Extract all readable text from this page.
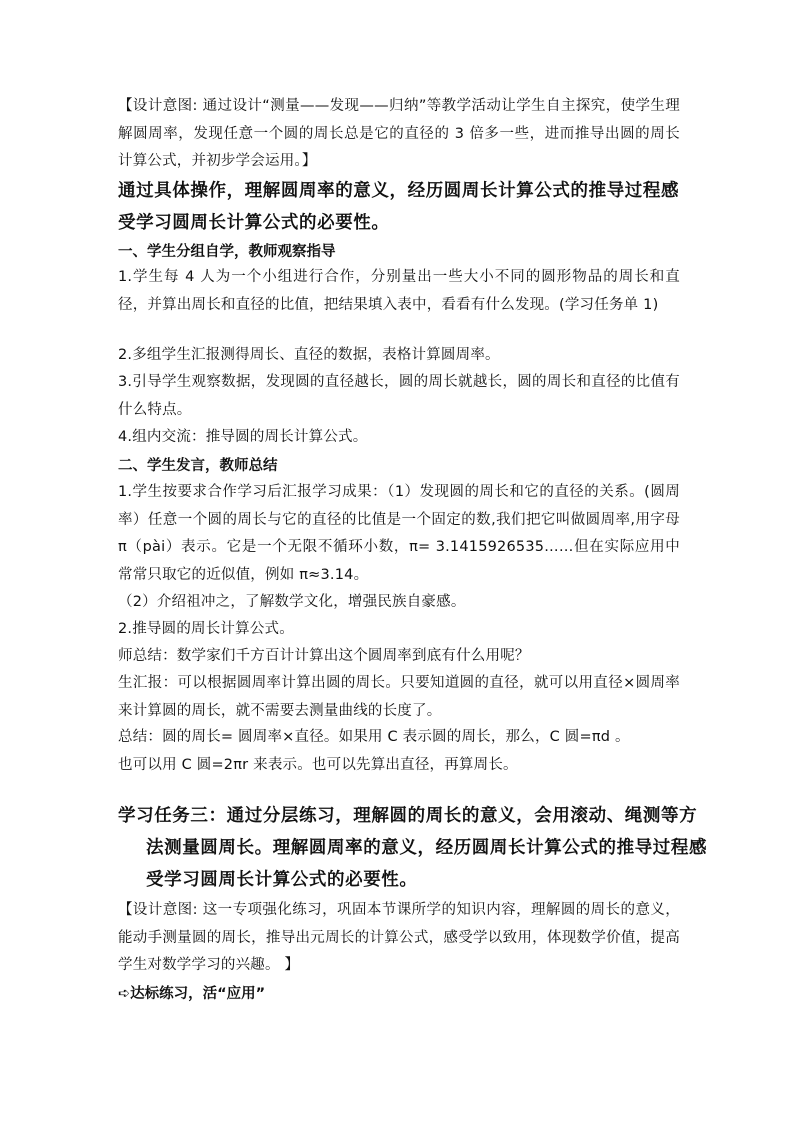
【设计意图: 通过设计“测量——发现——归纳”等教学活动让学生自主探究，使学生理解圆周率，发现任意一个圆的周长总是它的直径的 3 倍多一些，进而推导出圆的周长计算公式，并初步学会运用。】

通过具体操作，理解圆周率的意义，经历圆周长计算公式的推导过程感受学习圆周长计算公式的必要性。

一、学生分组自学，教师观察指导

1.学生每 4 人为一个小组进行合作，分别量出一些大小不同的圆形物品的周长和直径，并算出周长和直径的比值，把结果填入表中，看看有什么发现。(学习任务单 1)

2.多组学生汇报测得周长、直径的数据，表格计算圆周率。

3.引导学生观察数据，发现圆的直径越长，圆的周长就越长，圆的周长和直径的比值有什么特点。

4.组内交流：推导圆的周长计算公式。

二、学生发言，教师总结

1.学生按要求合作学习后汇报学习成果：（1）发现圆的周长和它的直径的关系。(圆周率）任意一个圆的周长与它的直径的比值是一个固定的数,我们把它叫做圆周率,用字母 π（pài）表示。它是一个无限不循环小数，π= 3.1415926535……但在实际应用中常常只取它的近似值，例如 π≈3.14。

（2）介绍祖冲之，了解数学文化，增强民族自豪感。

2.推导圆的周长计算公式。

师总结：数学家们千方百计计算出这个圆周率到底有什么用呢？

生汇报：可以根据圆周率计算出圆的周长。只要知道圆的直径，就可以用直径×圆周率来计算圆的周长，就不需要去测量曲线的长度了。

总结：圆的周长= 圆周率×直径。如果用 C 表示圆的周长，那么，C 圆=πd 。

也可以用 C 圆=2πr 来表示。也可以先算出直径，再算周长。

学习任务三：通过分层练习，理解圆的周长的意义，会用滚动、绳测等方法测量圆周长。理解圆周率的意义，经历圆周长计算公式的推导过程感受学习圆周长计算公式的必要性。

【设计意图: 这一专项强化练习，巩固本节课所学的知识内容，理解圆的周长的意义，能动手测量圆的周长，推导出元周长的计算公式，感受学以致用，体现数学价值，提高学生对数学学习的兴趣。 】

➪达标练习，活“应用”
